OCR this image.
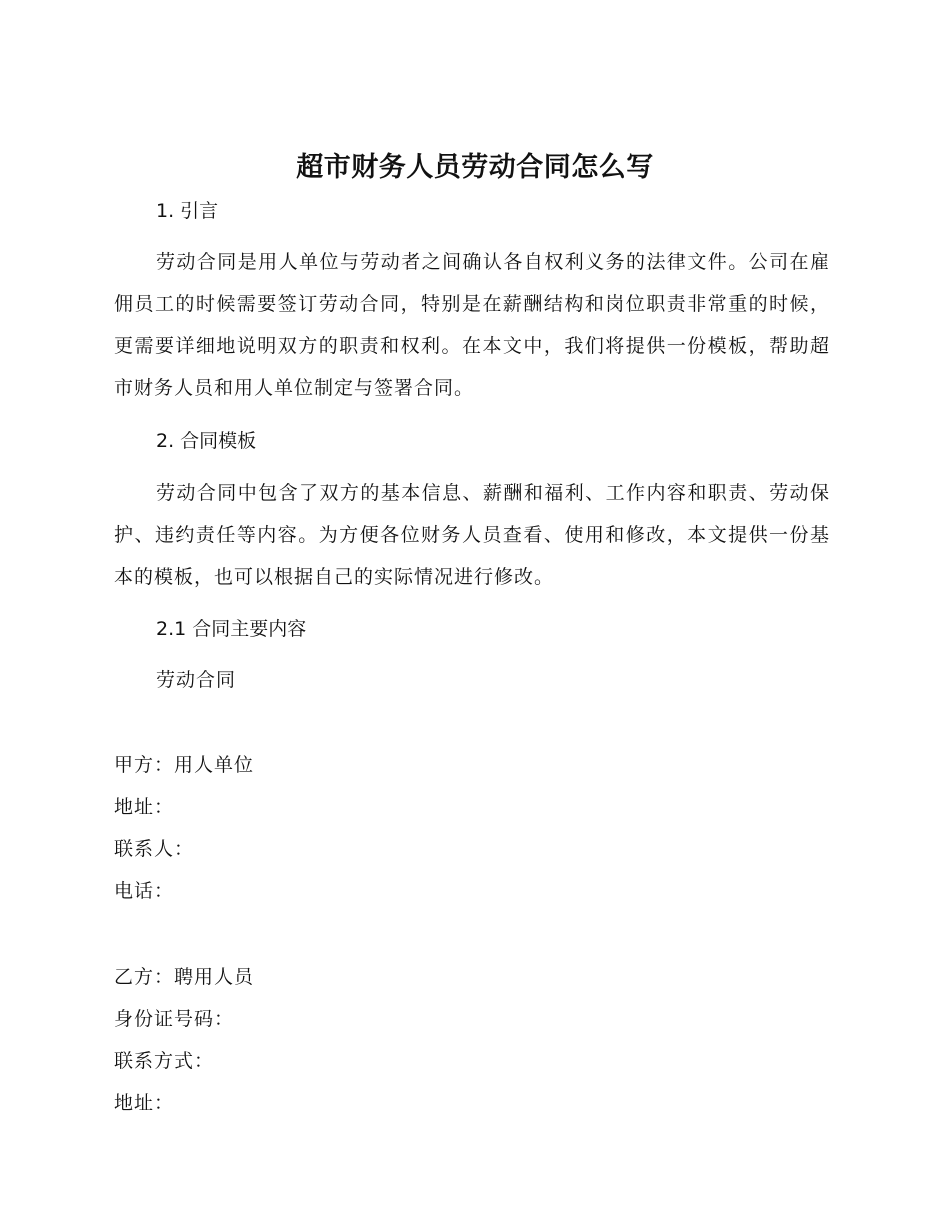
超市财务人员劳动合同怎么写
1. 引言

劳动合同是用人单位与劳动者之间确认各自权利义务的法律文件。公司在雇佣员工的时候需要签订劳动合同，特别是在薪酬结构和岗位职责非常重的时候，更需要详细地说明双方的职责和权利。在本文中，我们将提供一份模板，帮助超市财务人员和用人单位制定与签署合同。

2. 合同模板

劳动合同中包含了双方的基本信息、薪酬和福利、工作内容和职责、劳动保护、违约责任等内容。为方便各位财务人员查看、使用和修改，本文提供一份基本的模板，也可以根据自己的实际情况进行修改。

2.1 合同主要内容

劳动合同

甲方：用人单位

地址：

联系人：

电话：

乙方：聘用人员

身份证号码：

联系方式：

地址：
